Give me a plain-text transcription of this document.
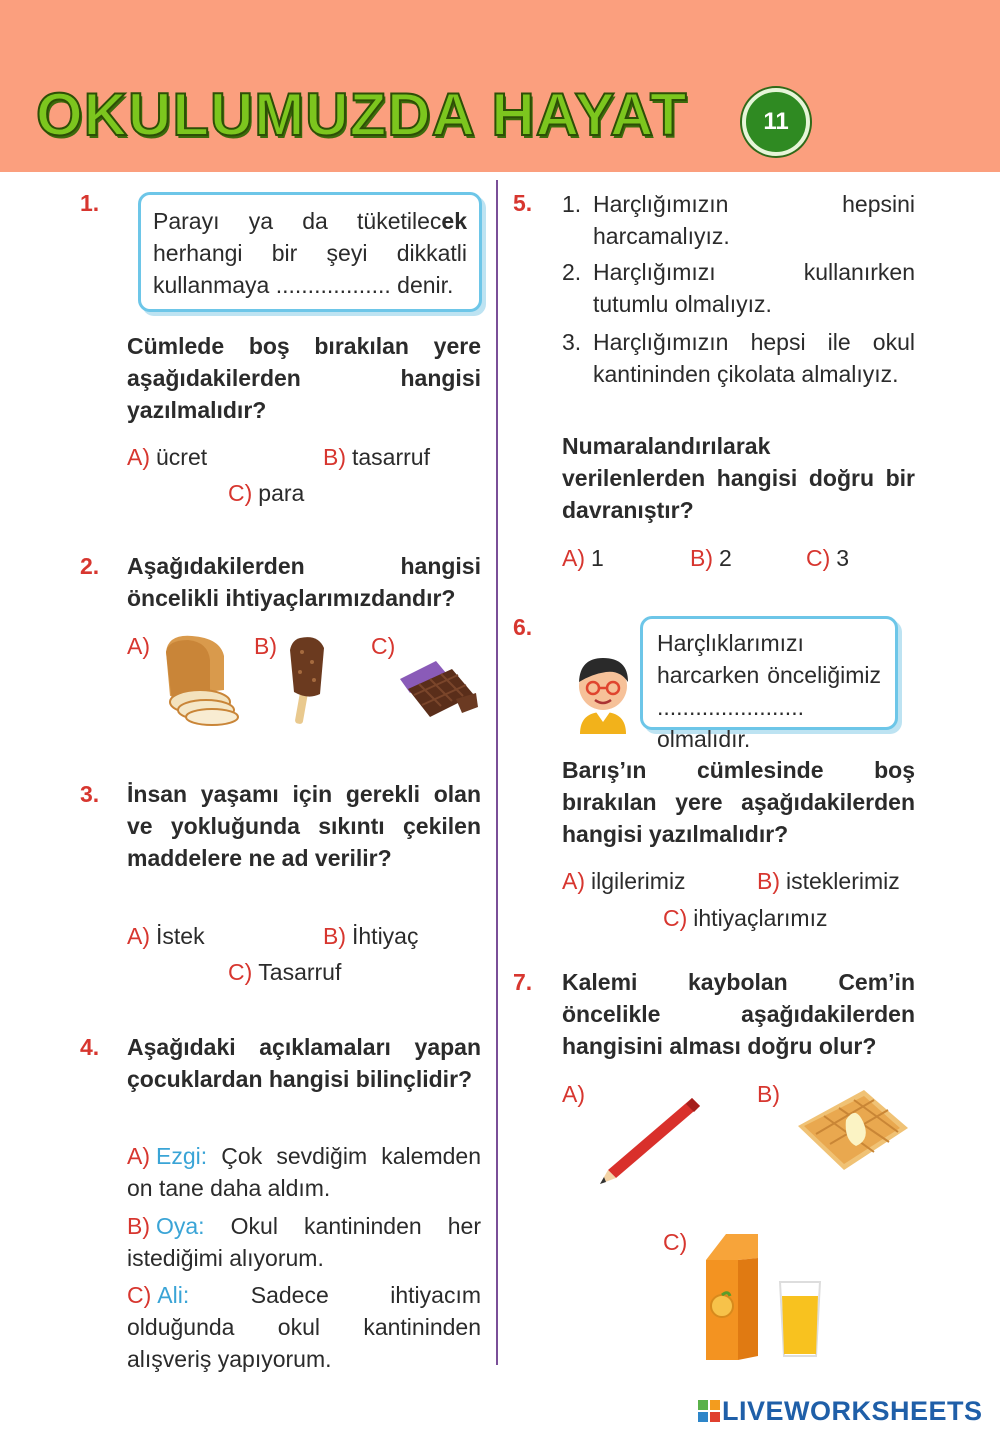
OKULUMUZDA HAYAT	11
1.
Parayı ya da tüketilecek herhangi bir şeyi dikkatli kullanmaya .................. denir.
Cümlede boş bırakılan yere aşağıdakilerden hangisi yazılmalıdır?
A) ücret	B) tasarruf
C) para
2. Aşağıdakilerden hangisi öncelikli ihtiyaçlarımızdandır?
A)	B)	C)
3. İnsan yaşamı için gerekli olan ve yokluğunda sıkıntı çekilen maddelere ne ad verilir?
A) İstek	B) İhtiyaç
C) Tasarruf
4. Aşağıdaki açıklamaları yapan çocuklardan hangisi bilinçlidir?
A) Ezgi: Çok sevdiğim kalemden on tane daha aldım.
B) Oya: Okul kantininden her istediğimi alıyorum.
C) Ali:	Sadece ihtiyacım olduğunda okul kantininden alışveriş yapıyorum.
5. 1. Harçlığımızın hepsini harcamalıyız.
2. Harçlığımızı kullanırken tutumlu olmalıyız.
3. Harçlığımızın hepsi ile okul kantininden çikolata almalıyız.
Numaralandırılarak verilenlerden hangisi doğru bir davranıştır?
A) 1	B) 2	C) 3
6.
Harçlıklarımızı harcarken önceliğimiz ....................... olmalıdır.
Barış’ın cümlesinde boş bırakılan yere aşağıdakilerden hangisi yazılmalıdır?
A) ilgilerimiz	B) isteklerimiz
C) ihtiyaçlarımız
7. Kalemi kaybolan Cem’in öncelikle aşağıdakilerden hangisini alması doğru olur?
A)	B)
C)
LIVEWORKSHEETS
